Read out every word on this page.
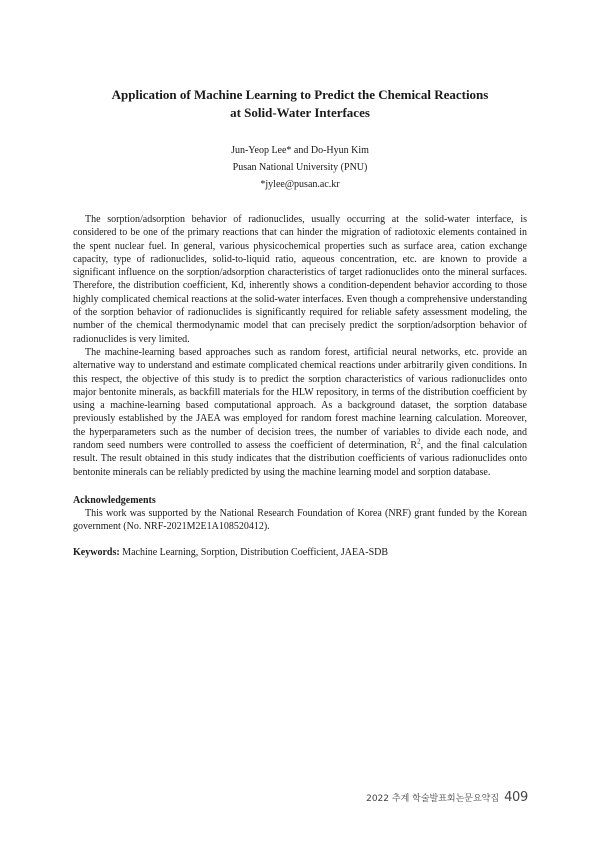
Application of Machine Learning to Predict the Chemical Reactions
at Solid-Water Interfaces
Jun-Yeop Lee* and Do-Hyun Kim
Pusan National University (PNU)
*jylee@pusan.ac.kr

The sorption/adsorption behavior of radionuclides, usually occurring at the solid-water interface, is considered to be one of the primary reactions that can hinder the migration of radiotoxic elements contained in the spent nuclear fuel. In general, various physicochemical properties such as surface area, cation exchange capacity, type of radionuclides, solid-to-liquid ratio, aqueous concentration, etc. are known to provide a significant influence on the sorption/adsorption characteristics of target radionuclides onto the mineral surfaces. Therefore, the distribution coefficient, Kd, inherently shows a condition-dependent behavior according to those highly complicated chemical reactions at the solid-water interfaces. Even though a comprehensive understanding of the sorption behavior of radionuclides is significantly required for reliable safety assessment modeling, the number of the chemical thermodynamic model that can precisely predict the sorption/adsorption behavior of radionuclides is very limited.

The machine-learning based approaches such as random forest, artificial neural networks, etc. provide an alternative way to understand and estimate complicated chemical reactions under arbitrarily given conditions. In this respect, the objective of this study is to predict the sorption characteristics of various radionuclides onto major bentonite minerals, as backfill materials for the HLW repository, in terms of the distribution coefficient by using a machine-learning based computational approach. As a background dataset, the sorption database previously established by the JAEA was employed for random forest machine learning calculation. Moreover, the hyperparameters such as the number of decision trees, the number of variables to divide each node, and random seed numbers were controlled to assess the coefficient of determination, $R^2$, and the final calculation result. The result obtained in this study indicates that the distribution coefficients of various radionuclides onto bentonite minerals can be reliably predicted by using the machine learning model and sorption database.

Acknowledgements
This work was supported by the National Research Foundation of Korea (NRF) grant funded by the Korean government (No. NRF-2021M2E1A108520412).
Keywords: Machine Learning, Sorption, Distribution Coefficient, JAEA-SDB
2022 추계 학술발표회논문요약집 409
